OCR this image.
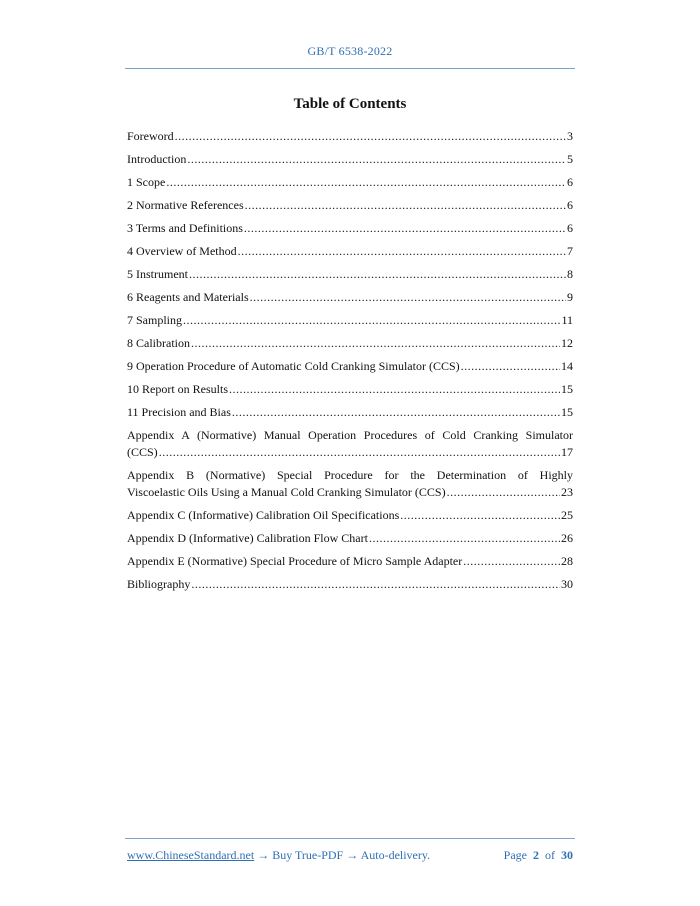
GB/T 6538-2022
Table of Contents
Foreword .....	3
Introduction .....	5
1 Scope .....	6
2 Normative References .....	6
3 Terms and Definitions .....	6
4 Overview of Method .....	7
5 Instrument .....	8
6 Reagents and Materials .....	9
7 Sampling .....	11
8 Calibration .....	12
9 Operation Procedure of Automatic Cold Cranking Simulator (CCS) .....	14
10 Report on Results .....	15
11 Precision and Bias .....	15
Appendix A (Normative) Manual Operation Procedures of Cold Cranking Simulator
(CCS) .....	17
Appendix B (Normative) Special Procedure for the Determination of Highly
Viscoelastic Oils Using a Manual Cold Cranking Simulator (CCS) .....	23
Appendix C (Informative) Calibration Oil Specifications .....	25
Appendix D (Informative) Calibration Flow Chart .....	26
Appendix E (Normative) Special Procedure of Micro Sample Adapter .....	28
Bibliography .....	30
www.ChineseStandard.net → Buy True-PDF → Auto-delivery.	Page 2 of 30
